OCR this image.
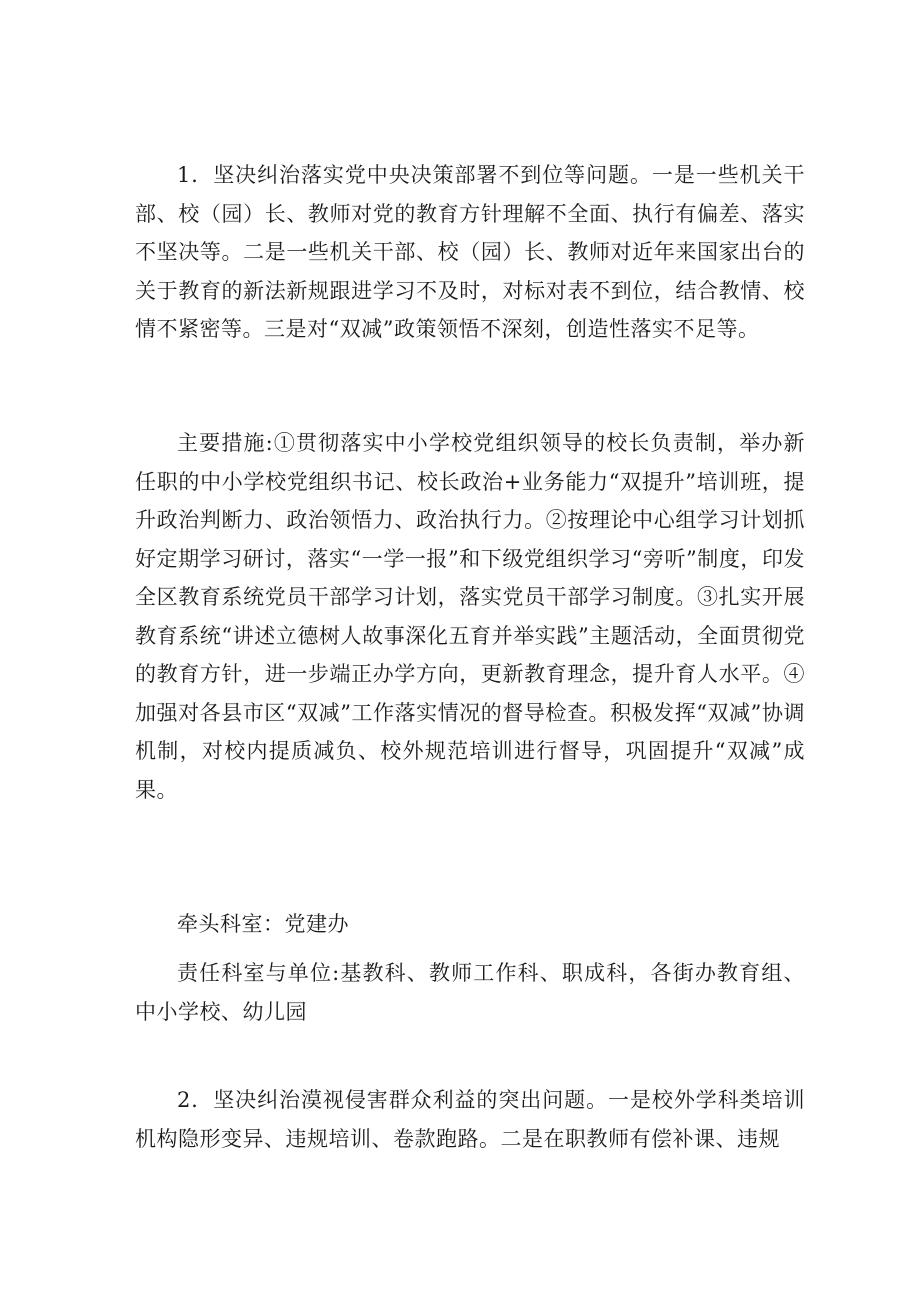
1．坚决纠治落实党中央决策部署不到位等问题。一是一些机关干部、校（园）长、教师对党的教育方针理解不全面、执行有偏差、落实不坚决等。二是一些机关干部、校（园）长、教师对近年来国家出台的关于教育的新法新规跟进学习不及时，对标对表不到位，结合教情、校情不紧密等。三是对“双减”政策领悟不深刻，创造性落实不足等。

主要措施:①贯彻落实中小学校党组织领导的校长负责制，举办新任职的中小学校党组织书记、校长政治+业务能力“双提升”培训班，提升政治判断力、政治领悟力、政治执行力。②按理论中心组学习计划抓好定期学习研讨，落实“一学一报”和下级党组织学习“旁听”制度，印发全区教育系统党员干部学习计划，落实党员干部学习制度。③扎实开展教育系统“讲述立德树人故事深化五育并举实践”主题活动，全面贯彻党的教育方针，进一步端正办学方向，更新教育理念，提升育人水平。④加强对各县市区“双减”工作落实情况的督导检查。积极发挥“双减”协调机制，对校内提质减负、校外规范培训进行督导，巩固提升“双减”成果。

牵头科室：党建办

责任科室与单位:基教科、教师工作科、职成科，各街办教育组、中小学校、幼儿园

2．坚决纠治漠视侵害群众利益的突出问题。一是校外学科类培训机构隐形变异、违规培训、卷款跑路。二是在职教师有偿补课、违规
